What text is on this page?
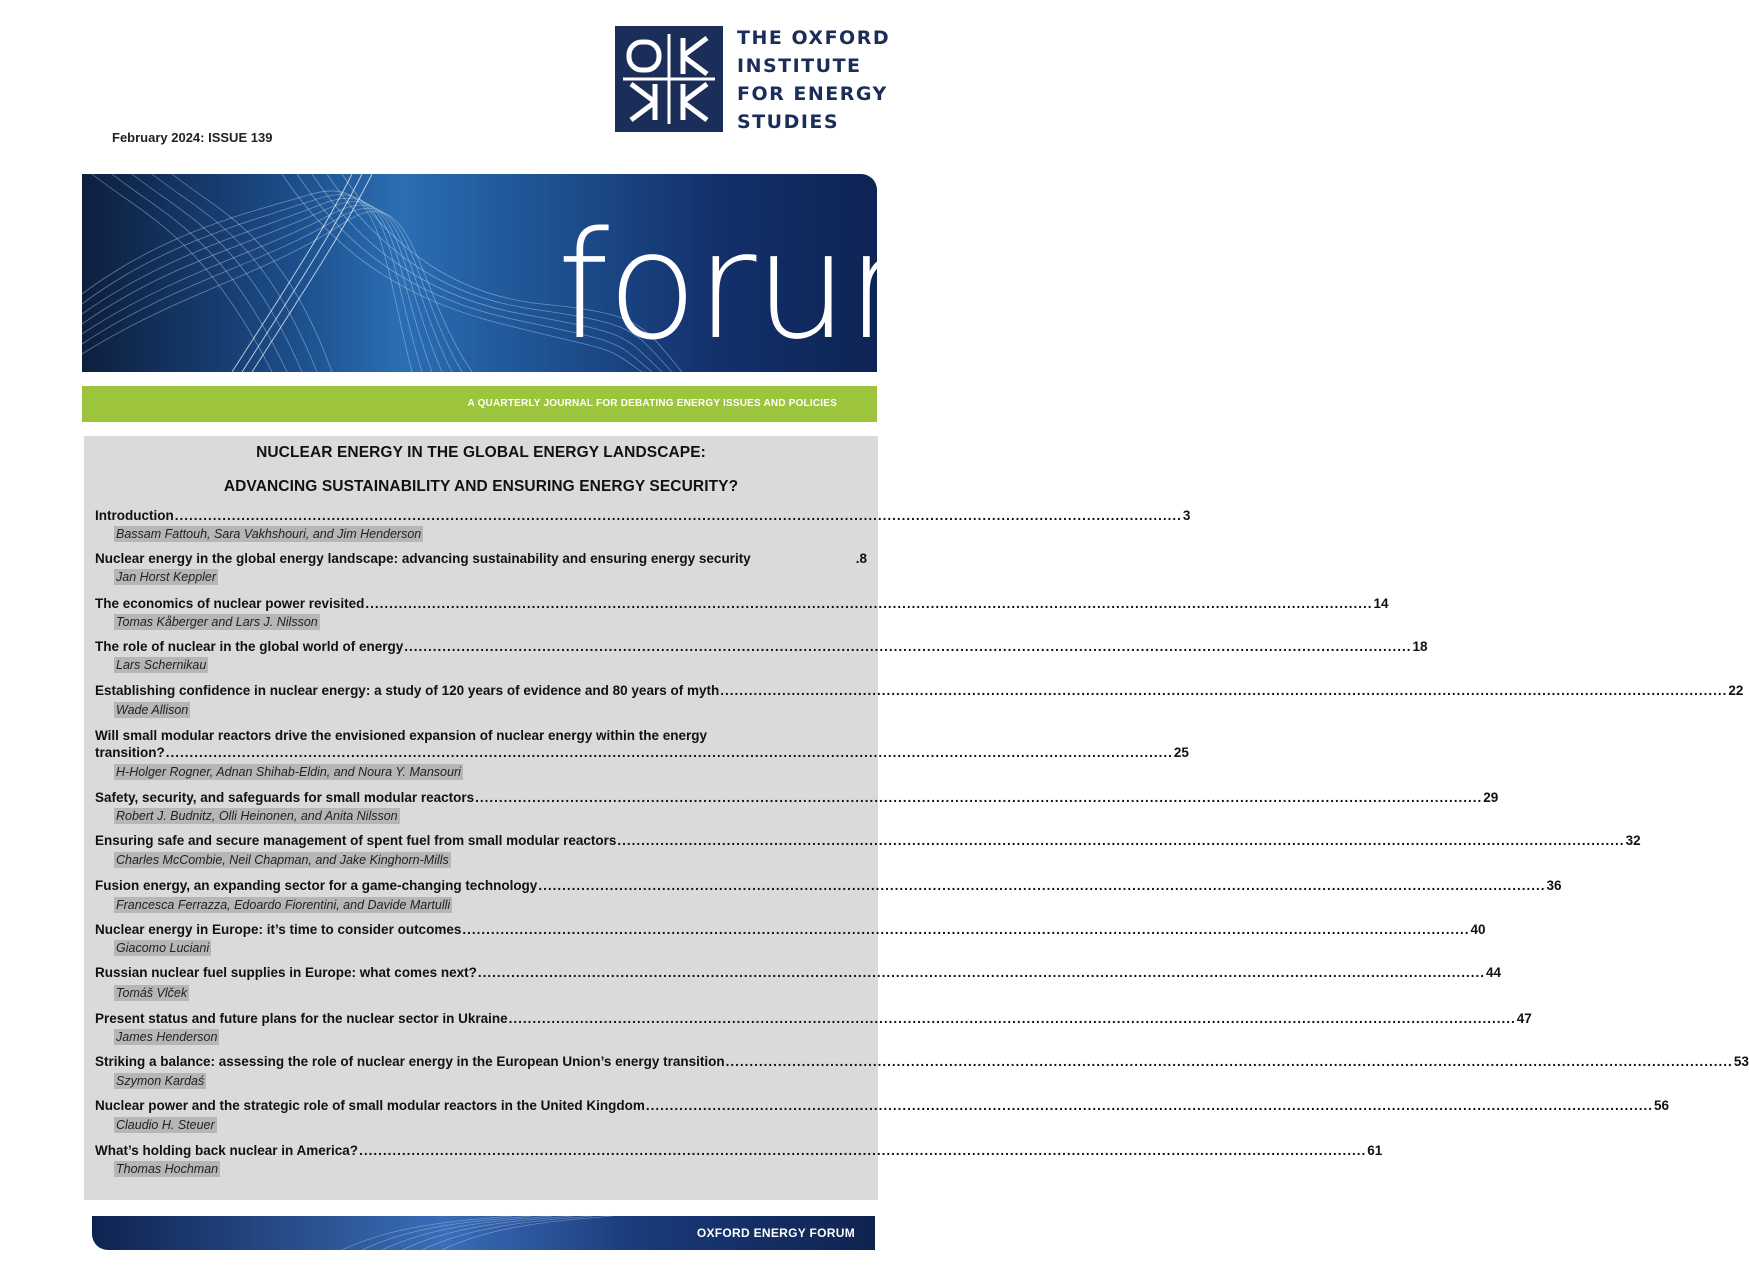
THE OXFORD
INSTITUTE
FOR ENERGY
STUDIES
February 2024: ISSUE 139
forum
A QUARTERLY JOURNAL FOR DEBATING ENERGY ISSUES AND POLICIES
NUCLEAR ENERGY IN THE GLOBAL ENERGY LANDSCAPE:
ADVANCING SUSTAINABILITY AND ENSURING ENERGY SECURITY?
Introduction .................................................................................................................................................................................................................... 3
Bassam Fattouh, Sara Vakhshouri, and Jim Henderson
Nuclear energy in the global energy landscape: advancing sustainability and ensuring energy security	.8
Jan Horst Keppler
The economics of nuclear power revisited .................................................................................................................................................................................................................... 14
Tomas Kåberger and Lars J. Nilsson
The role of nuclear in the global world of energy .................................................................................................................................................................................................................... 18
Lars Schernikau
Establishing confidence in nuclear energy: a study of 120 years of evidence and 80 years of myth .................................................................................................................................................................................................................... 22
Wade Allison
Will small modular reactors drive the envisioned expansion of nuclear energy within the energy
transition? .................................................................................................................................................................................................................... 25
H-Holger Rogner, Adnan Shihab-Eldin, and Noura Y. Mansouri
Safety, security, and safeguards for small modular reactors .................................................................................................................................................................................................................... 29
Robert J. Budnitz, Olli Heinonen, and Anita Nilsson
Ensuring safe and secure management of spent fuel from small modular reactors .................................................................................................................................................................................................................... 32
Charles McCombie, Neil Chapman, and Jake Kinghorn-Mills
Fusion energy, an expanding sector for a game-changing technology .................................................................................................................................................................................................................... 36
Francesca Ferrazza, Edoardo Fiorentini, and Davide Martulli
Nuclear energy in Europe: it’s time to consider outcomes .................................................................................................................................................................................................................... 40
Giacomo Luciani
Russian nuclear fuel supplies in Europe: what comes next? .................................................................................................................................................................................................................... 44
Tomáš Vlček
Present status and future plans for the nuclear sector in Ukraine .................................................................................................................................................................................................................... 47
James Henderson
Striking a balance: assessing the role of nuclear energy in the European Union’s energy transition .................................................................................................................................................................................................................... 53
Szymon Kardaś
Nuclear power and the strategic role of small modular reactors in the United Kingdom .................................................................................................................................................................................................................... 56
Claudio H. Steuer
What’s holding back nuclear in America? .................................................................................................................................................................................................................... 61
Thomas Hochman
OXFORD ENERGY FORUM
